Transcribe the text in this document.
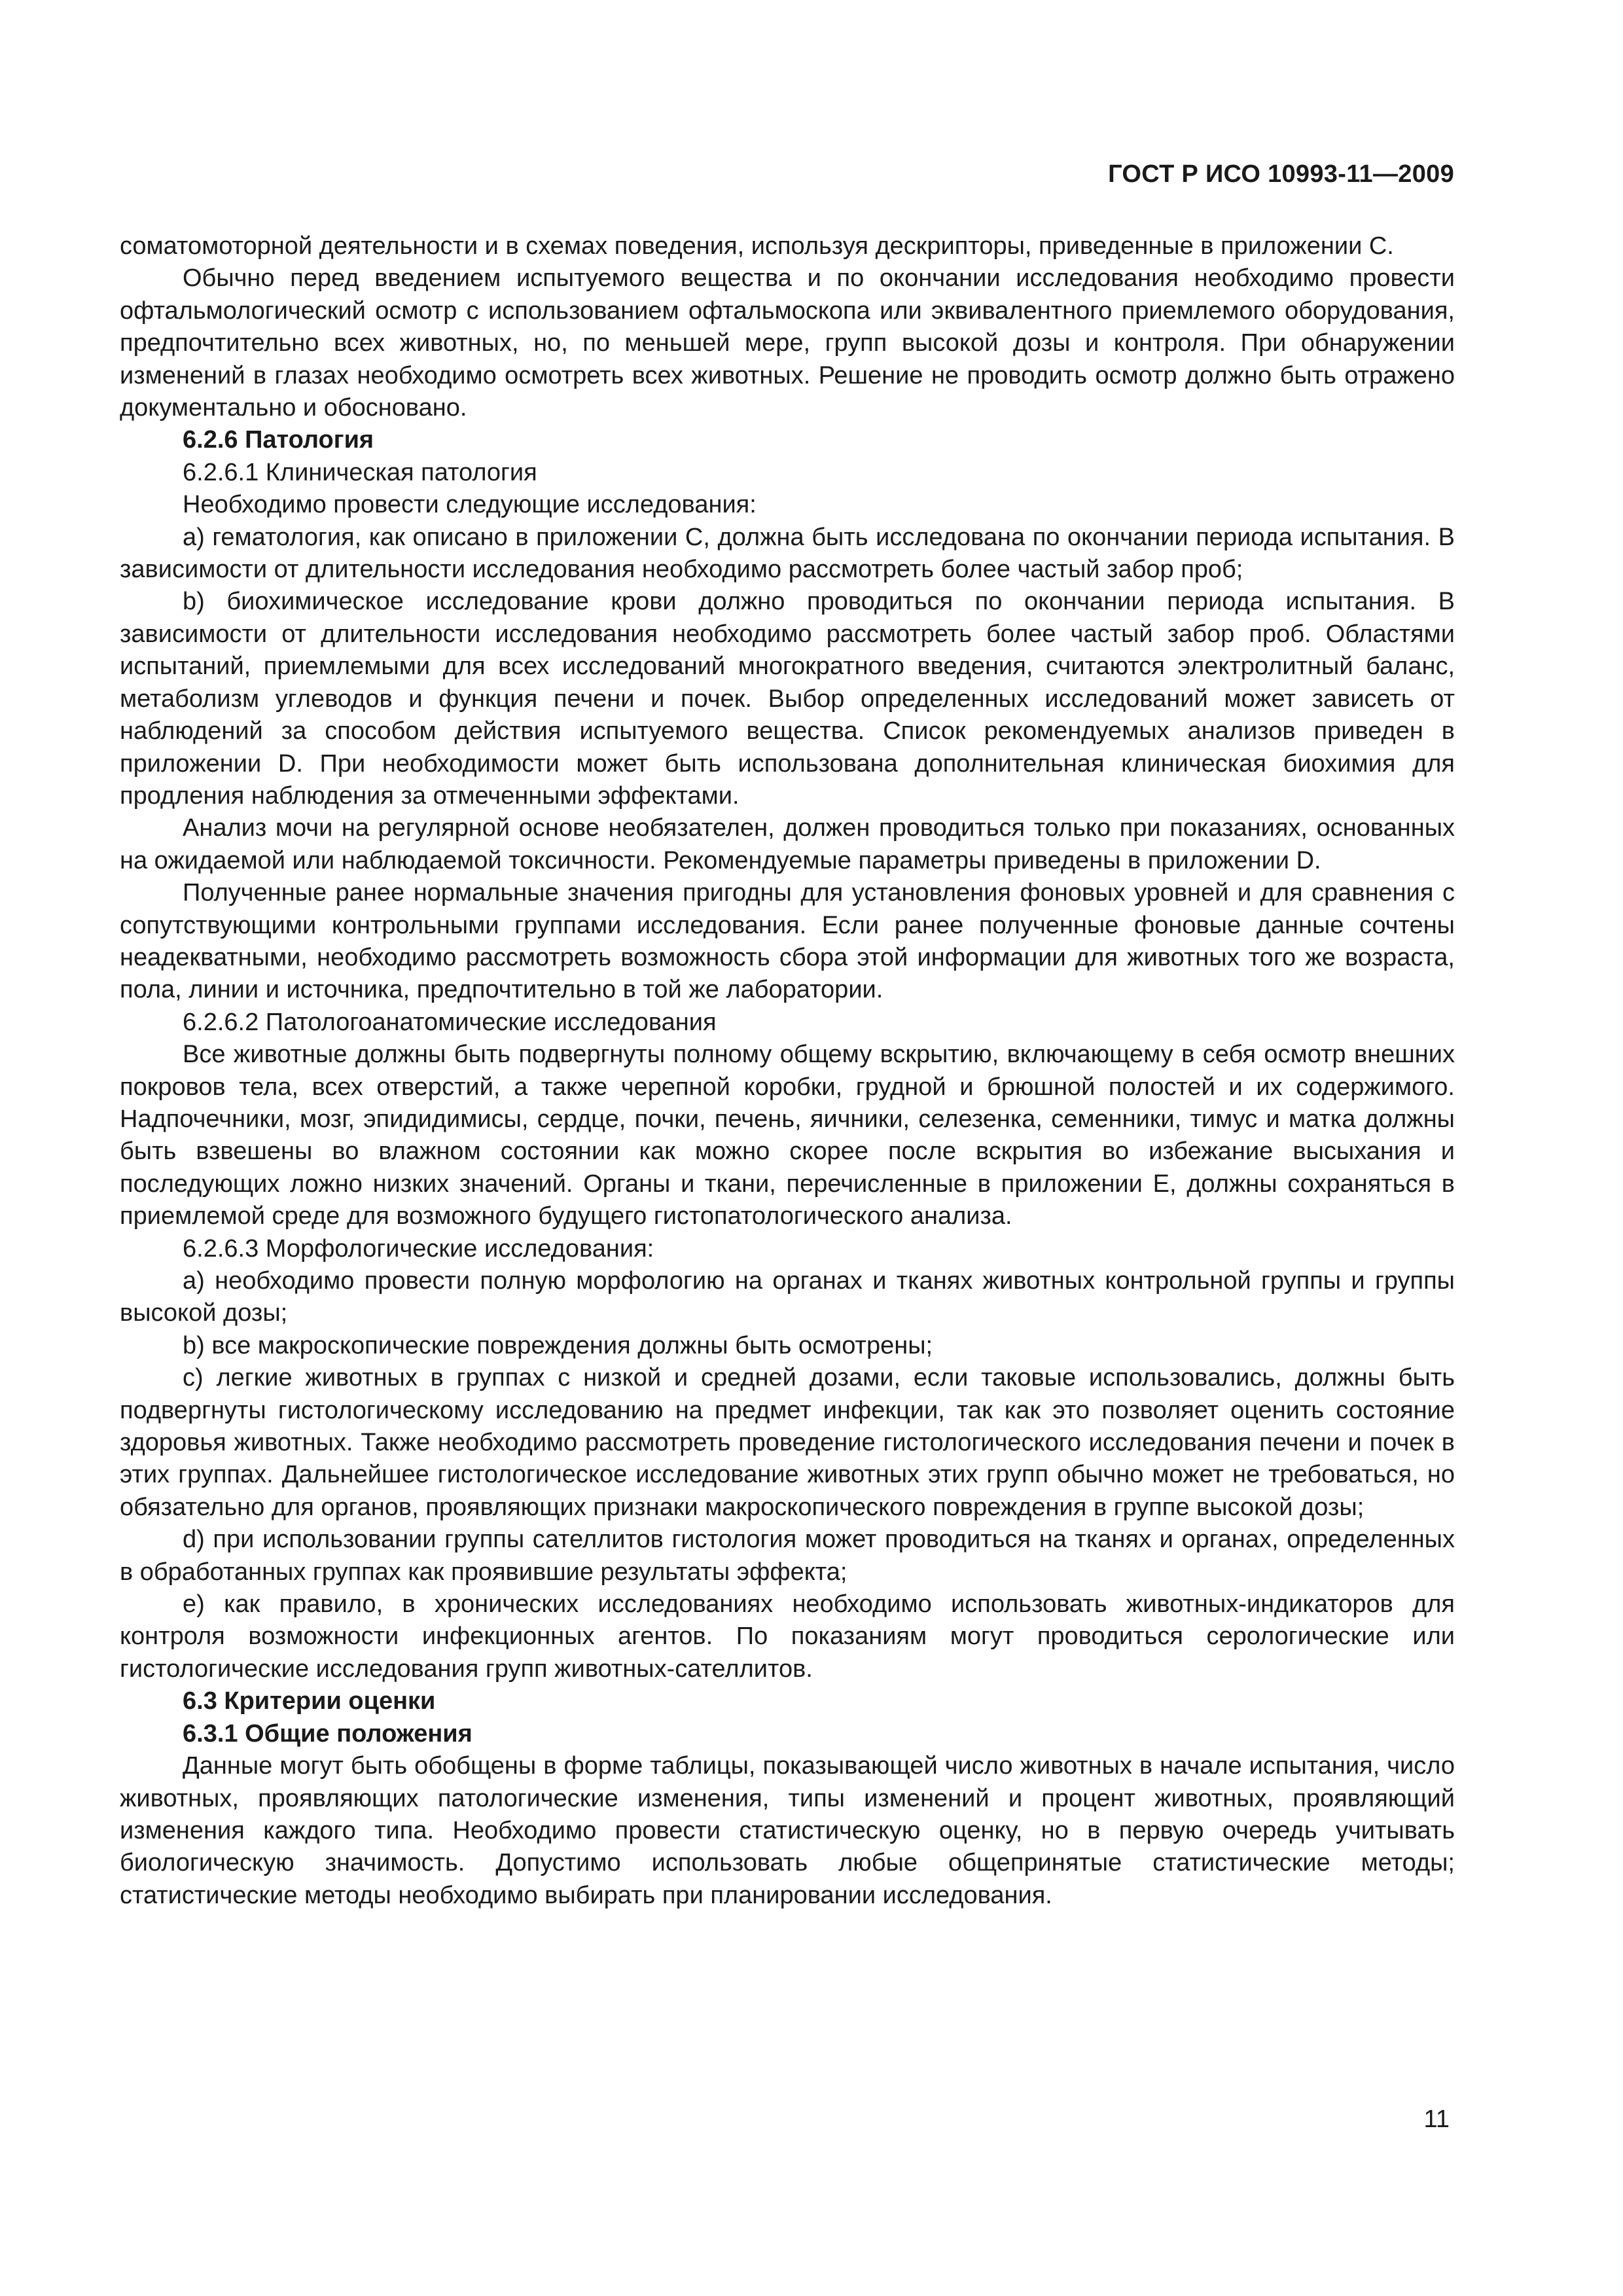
ГОСТ Р ИСО 10993-11—2009

соматомоторной деятельности и в схемах поведения, используя дескрипторы, приведенные в приложении С.

Обычно перед введением испытуемого вещества и по окончании исследования необходимо провести офтальмологический осмотр с использованием офтальмоскопа или эквивалентного приемлемого оборудования, предпочтительно всех животных, но, по меньшей мере, групп высокой дозы и контроля. При обнаружении изменений в глазах необходимо осмотреть всех животных. Решение не проводить осмотр должно быть отражено документально и обосновано.

6.2.6 Патология

6.2.6.1 Клиническая патология

Необходимо провести следующие исследования:

a) гематология, как описано в приложении С, должна быть исследована по окончании периода испытания. В зависимости от длительности исследования необходимо рассмотреть более частый забор проб;

b) биохимическое исследование крови должно проводиться по окончании периода испытания. В зависимости от длительности исследования необходимо рассмотреть более частый забор проб. Областями испытаний, приемлемыми для всех исследований многократного введения, считаются электролитный баланс, метаболизм углеводов и функция печени и почек. Выбор определенных исследований может зависеть от наблюдений за способом действия испытуемого вещества. Список рекомендуемых анализов приведен в приложении D. При необходимости может быть использована дополнительная клиническая биохимия для продления наблюдения за отмеченными эффектами.

Анализ мочи на регулярной основе необязателен, должен проводиться только при показаниях, основанных на ожидаемой или наблюдаемой токсичности. Рекомендуемые параметры приведены в приложении D.

Полученные ранее нормальные значения пригодны для установления фоновых уровней и для сравнения с сопутствующими контрольными группами исследования. Если ранее полученные фоновые данные сочтены неадекватными, необходимо рассмотреть возможность сбора этой информации для животных того же возраста, пола, линии и источника, предпочтительно в той же лаборатории.

6.2.6.2 Патологоанатомические исследования

Все животные должны быть подвергнуты полному общему вскрытию, включающему в себя осмотр внешних покровов тела, всех отверстий, а также черепной коробки, грудной и брюшной полостей и их содержимого. Надпочечники, мозг, эпидидимисы, сердце, почки, печень, яичники, селезенка, семенники, тимус и матка должны быть взвешены во влажном состоянии как можно скорее после вскрытия во избежание высыхания и последующих ложно низких значений. Органы и ткани, перечисленные в приложении Е, должны сохраняться в приемлемой среде для возможного будущего гистопатологического анализа.

6.2.6.3 Морфологические исследования:

a) необходимо провести полную морфологию на органах и тканях животных контрольной группы и группы высокой дозы;

b) все макроскопические повреждения должны быть осмотрены;

c) легкие животных в группах с низкой и средней дозами, если таковые использовались, должны быть подвергнуты гистологическому исследованию на предмет инфекции, так как это позволяет оценить состояние здоровья животных. Также необходимо рассмотреть проведение гистологического исследования печени и почек в этих группах. Дальнейшее гистологическое исследование животных этих групп обычно может не требоваться, но обязательно для органов, проявляющих признаки макроскопического повреждения в группе высокой дозы;

d) при использовании группы сателлитов гистология может проводиться на тканях и органах, определенных в обработанных группах как проявившие результаты эффекта;

e) как правило, в хронических исследованиях необходимо использовать животных-индикаторов для контроля возможности инфекционных агентов. По показаниям могут проводиться серологические или гистологические исследования групп животных-сателлитов.

6.3 Критерии оценки

6.3.1 Общие положения

Данные могут быть обобщены в форме таблицы, показывающей число животных в начале испытания, число животных, проявляющих патологические изменения, типы изменений и процент животных, проявляющий изменения каждого типа. Необходимо провести статистическую оценку, но в первую очередь учитывать биологическую значимость. Допустимо использовать любые общепринятые статистические методы; статистические методы необходимо выбирать при планировании исследования.

11
